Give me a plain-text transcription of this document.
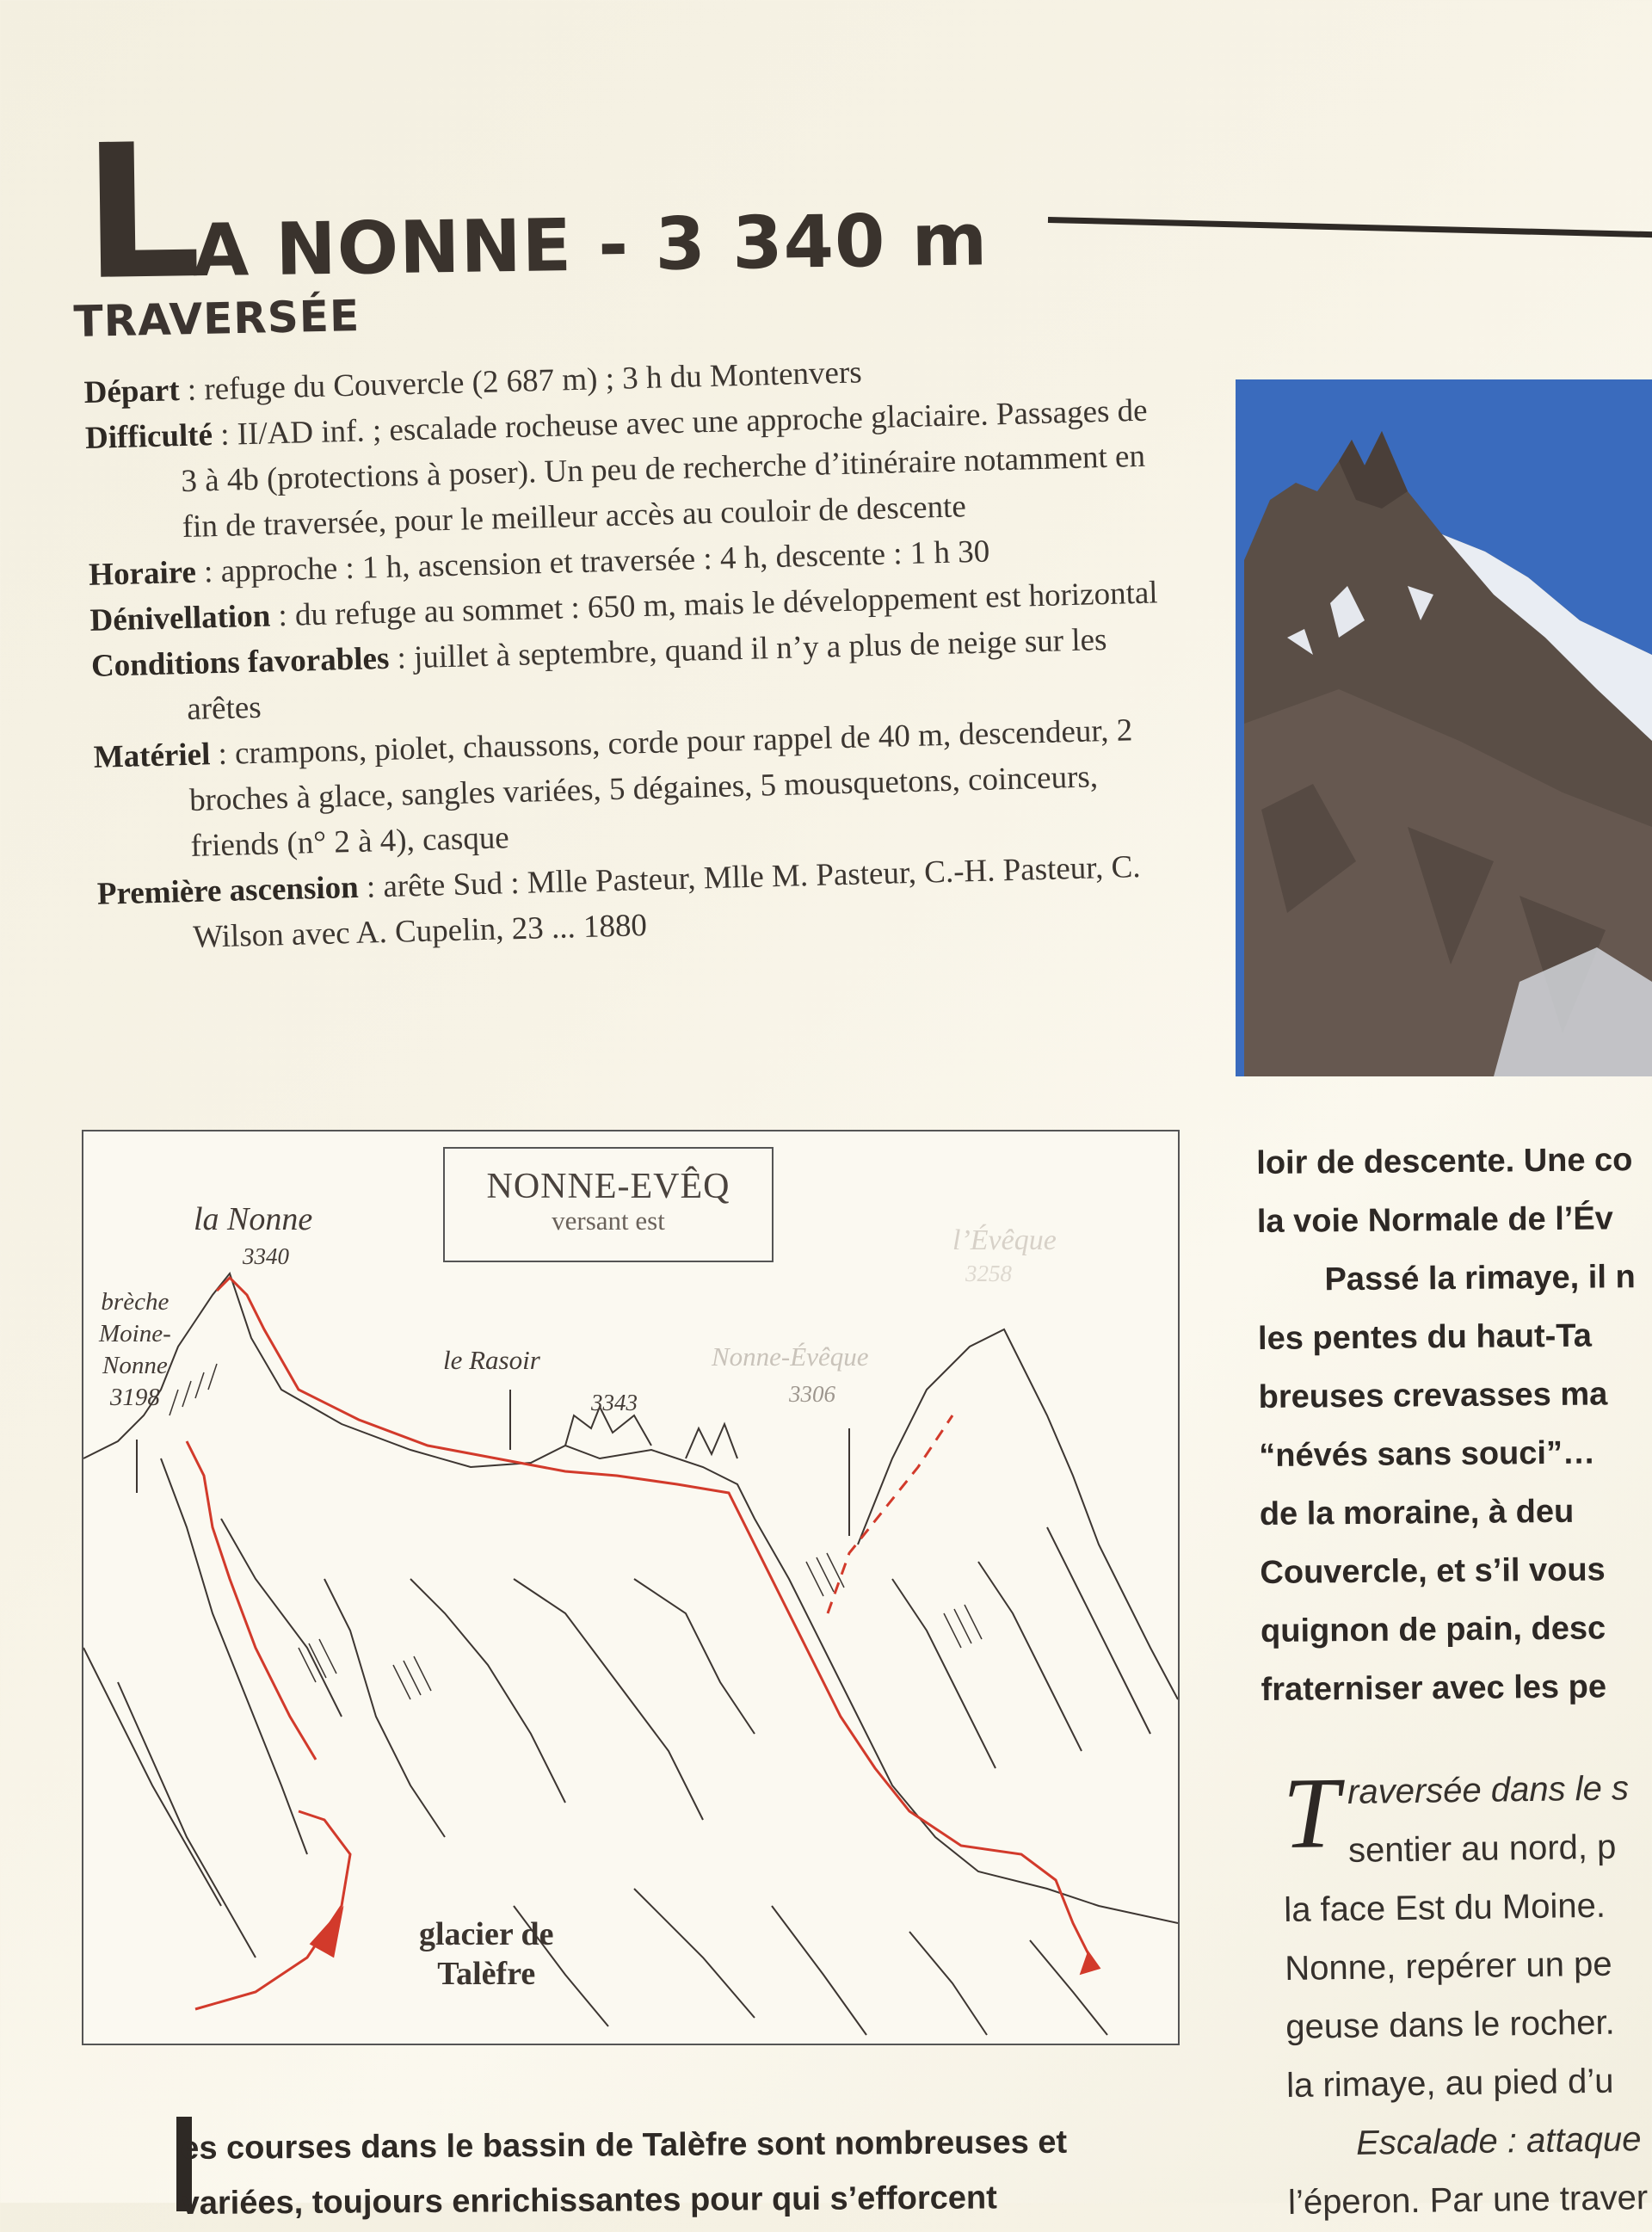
LA NONNE - 3 340 m
TRAVERSÉE
Départ : refuge du Couvercle (2 687 m) ; 3 h du Montenvers
Difficulté : II/AD inf. ; escalade rocheuse avec une approche glaciaire. Passages de 3 à 4b (protections à poser). Un peu de recherche d’itinéraire notamment en fin de traversée, pour le meilleur accès au couloir de descente
Horaire : approche : 1 h, ascension et traversée : 4 h, descente : 1 h 30
Dénivellation : du refuge au sommet : 650 m, mais le développement est horizontal
Conditions favorables : juillet à septembre, quand il n’y a plus de neige sur les arêtes
Matériel : crampons, piolet, chaussons, corde pour rappel de 40 m, descendeur, 2 broches à glace, sangles variées, 5 dégaines, 5 mousquetons, coinceurs, friends (n° 2 à 4), casque
Première ascension : arête Sud : Mlle Pasteur, Mlle M. Pasteur, C.-H. Pasteur, C. Wilson avec A. Cupelin, 23 ... 1880
NONNE-EVÊQ
versant est
la Nonne
3340
brèche
Moine-
Nonne
3198
le Rasoir
3343
Nonne-Évêque
3306
l’Évêque
3258
glacier de
Talèfre
loir de descente. Une co
la voie Normale de l’Év
Passé la rimaye, il n
les pentes du haut-Ta
breuses crevasses ma
“névés sans souci”…
de la moraine, à deu
Couvercle, et s’il vous
quignon de pain, desc
fraterniser avec les pe
T raversée dans le s
sentier au nord, p
la face Est du Moine.
Nonne, repérer un pe
geuse dans le rocher.
la rimaye, au pied d’u
Escalade : attaque
l’éperon. Par une traver
es courses dans le bassin de Talèfre sont nombreuses et
variées, toujours enrichissantes pour qui s’efforcent
